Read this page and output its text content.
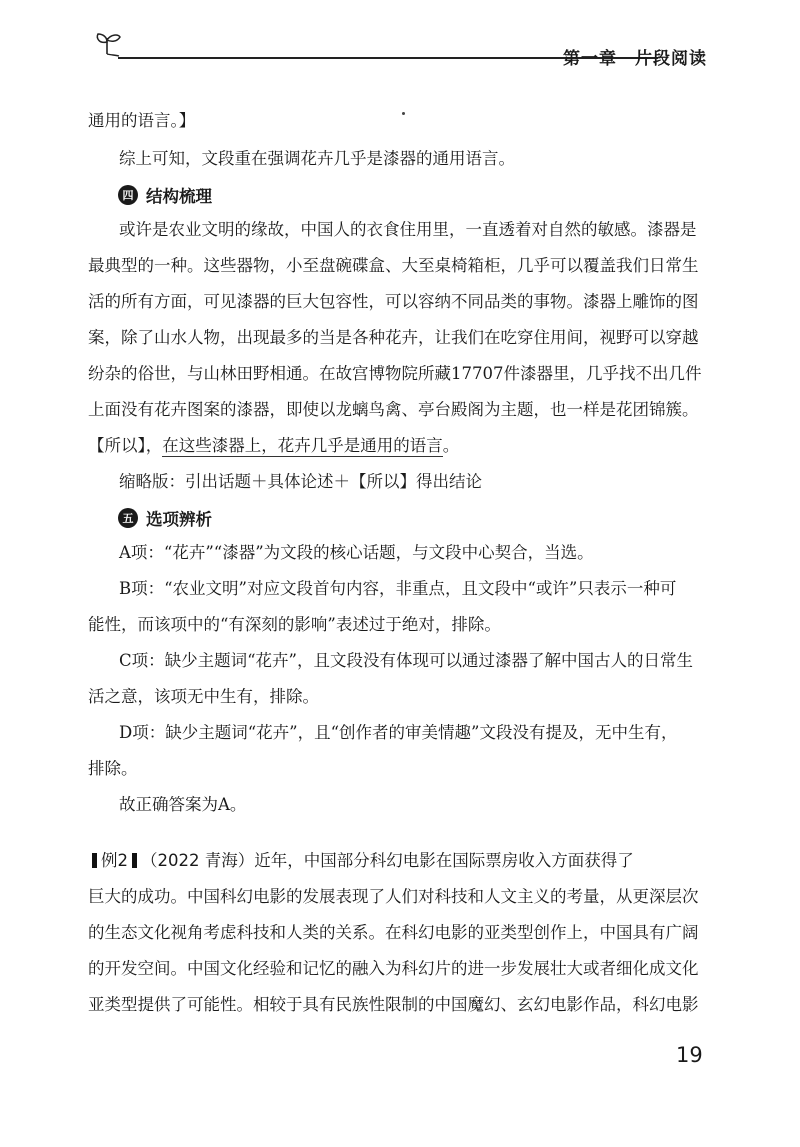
第一章　片段阅读
通用的语言。】
综上可知，文段重在强调花卉几乎是漆器的通用语言。
四 结构梳理
或许是农业文明的缘故，中国人的衣食住用里，一直透着对自然的敏感。漆器是
最典型的一种。这些器物，小至盘碗碟盒、大至桌椅箱柜，几乎可以覆盖我们日常生
活的所有方面，可见漆器的巨大包容性，可以容纳不同品类的事物。漆器上雕饰的图
案，除了山水人物，出现最多的当是各种花卉，让我们在吃穿住用间，视野可以穿越
纷杂的俗世，与山林田野相通。在故宫博物院所藏17707件漆器里，几乎找不出几件
上面没有花卉图案的漆器，即使以龙螭鸟禽、亭台殿阁为主题，也一样是花团锦簇。
【所以】，在这些漆器上，花卉几乎是通用的语言。
缩略版：引出话题＋具体论述＋【所以】得出结论
五 选项辨析
A项：“花卉”“漆器”为文段的核心话题，与文段中心契合，当选。
B项：“农业文明”对应文段首句内容，非重点，且文段中“或许”只表示一种可
能性，而该项中的“有深刻的影响”表述过于绝对，排除。
C项：缺少主题词“花卉”，且文段没有体现可以通过漆器了解中国古人的日常生
活之意，该项无中生有，排除。
D项：缺少主题词“花卉”，且“创作者的审美情趣”文段没有提及，无中生有，
排除。
故正确答案为A。
例2 （2022 青海）近年，中国部分科幻电影在国际票房收入方面获得了
巨大的成功。中国科幻电影的发展表现了人们对科技和人文主义的考量，从更深层次
的生态文化视角考虑科技和人类的关系。在科幻电影的亚类型创作上，中国具有广阔
的开发空间。中国文化经验和记忆的融入为科幻片的进一步发展壮大或者细化成文化
亚类型提供了可能性。相较于具有民族性限制的中国魔幻、玄幻电影作品，科幻电影
19
